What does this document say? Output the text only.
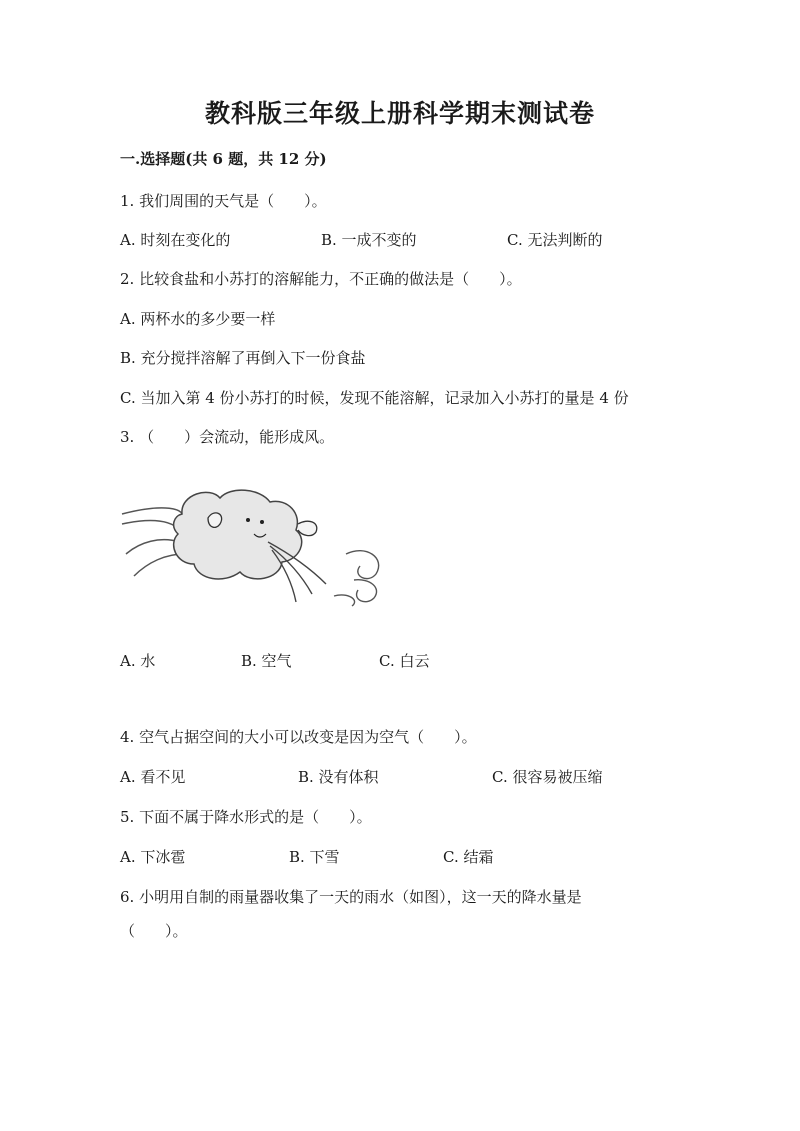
教科版三年级上册科学期末测试卷
一.选择题(共 6 题，共 12 分)
1. 我们周围的天气是（　　）。
A. 时刻在变化的	B. 一成不变的	C. 无法判断的
2. 比较食盐和小苏打的溶解能力，不正确的做法是（　　）。
A. 两杯水的多少要一样
B. 充分搅拌溶解了再倒入下一份食盐
C. 当加入第 4 份小苏打的时候，发现不能溶解，记录加入小苏打的量是 4 份
3. （　　）会流动，能形成风。
A. 水	B. 空气	C. 白云
4. 空气占据空间的大小可以改变是因为空气（　　）。
A. 看不见	B. 没有体积	C. 很容易被压缩
5. 下面不属于降水形式的是（　　）。
A. 下冰雹	B. 下雪	C. 结霜
6. 小明用自制的雨量器收集了一天的雨水（如图），这一天的降水量是
（　　）。
